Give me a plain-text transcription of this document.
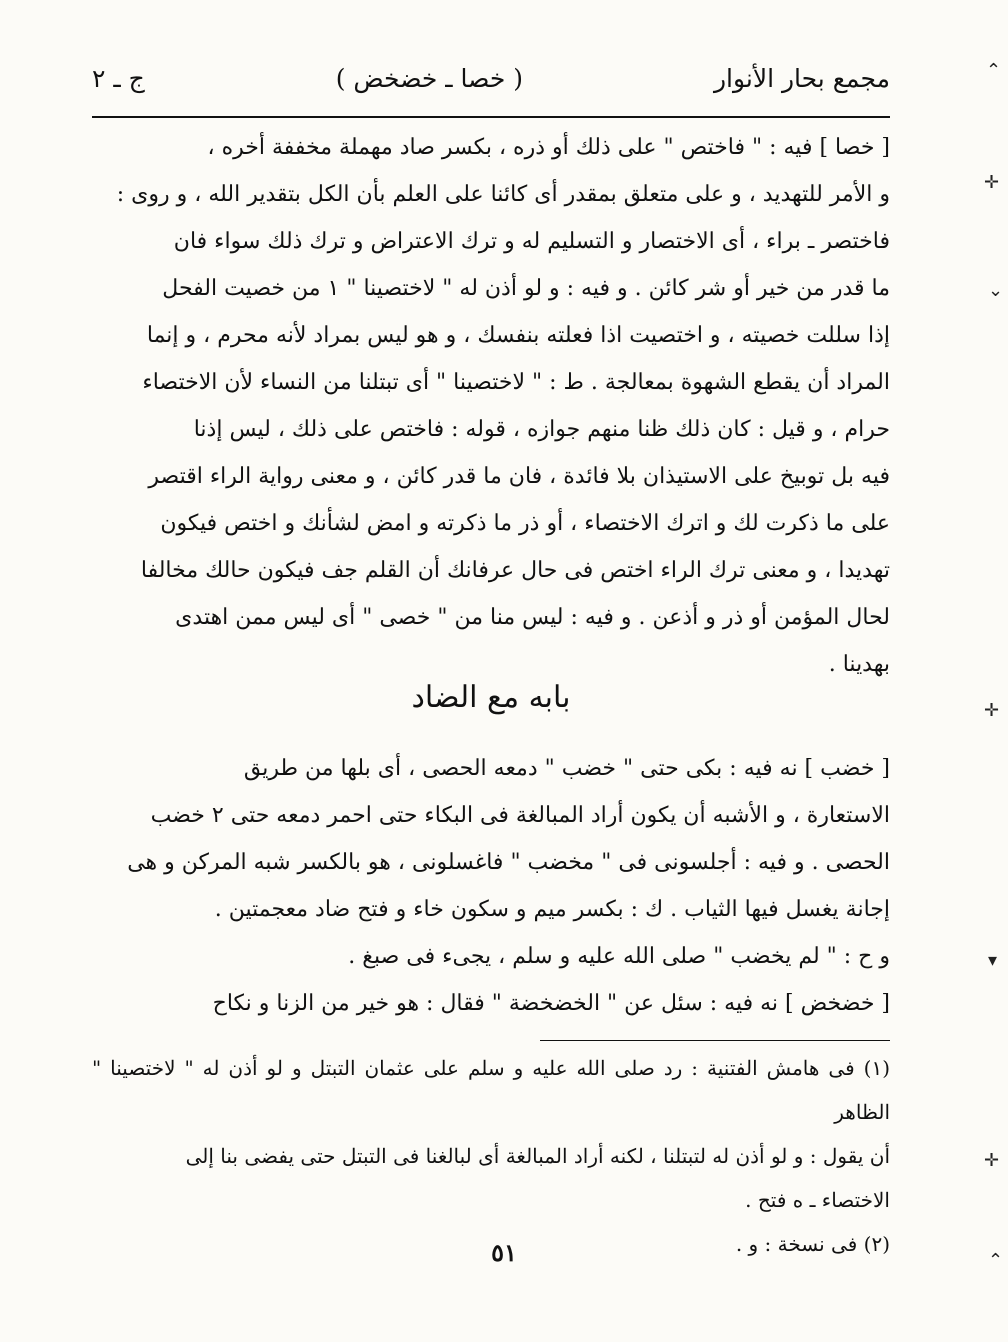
مجمع بحار الأنوار
( خصا ـ خضخض )
ج ـ ٢

[ خصا ] فيه : " فاختص " على ذلك أو ذره ، بكسر صاد مهملة مخففة أخره ،

و الأمر للتهديد ، و على متعلق بمقدر أى كائنا على العلم بأن الكل بتقدير الله ، و روى :

فاختصر ـ براء ، أى الاختصار و التسليم له و ترك الاعتراض و ترك ذلك سواء فان

ما قدر من خير أو شر كائن . و فيه : و لو أذن له " لاختصينا " ١ من خصيت الفحل

إذا سللت خصيته ، و اختصيت اذا فعلته بنفسك ، و هو ليس بمراد لأنه محرم ، و إنما

المراد أن يقطع الشهوة بمعالجة . ط : " لاختصينا " أى تبتلنا من النساء لأن الاختصاء

حرام ، و قيل : كان ذلك ظنا منهم جوازه ، قوله : فاختص على ذلك ، ليس إذنا

فيه بل توبيخ على الاستيذان بلا فائدة ، فان ما قدر كائن ، و معنى رواية الراء اقتصر

على ما ذكرت لك و اترك الاختصاء ، أو ذر ما ذكرته و امض لشأنك و اختص فيكون

تهديدا ، و معنى ترك الراء اختص فى حال عرفانك أن القلم جف فيكون حالك مخالفا

لحال المؤمن أو ذر و أذعن . و فيه : ليس منا من " خصى " أى ليس ممن اهتدى

بهدينا .

بابه مع الضاد

[ خضب ] نه فيه : بكى حتى " خضب " دمعه الحصى ، أى بلها من طريق

الاستعارة ، و الأشبه أن يكون أراد المبالغة فى البكاء حتى احمر دمعه حتى ٢ خضب

الحصى . و فيه : أجلسونى فى " مخضب " فاغسلونى ، هو بالكسر شبه المركن و هى

إجانة يغسل فيها الثياب . ك : بكسر ميم و سكون خاء و فتح ضاد معجمتين .

و ح : " لم يخضب " صلى الله عليه و سلم ، يجىء فى صبغ .

[ خضخض ] نه فيه : سئل عن " الخضخضة " فقال : هو خير من الزنا و نكاح

(١) فى هامش الفتنية : رد صلى الله عليه و سلم على عثمان التبتل و لو أذن له " لاختصينا " الظاهر

أن يقول : و لو أذن له لتبتلنا ، لكنه أراد المبالغة أى لبالغنا فى التبتل حتى يفضى بنا إلى

الاختصاء ـ ه فتح .

(٢) فى نسخة : و .

٥١
⌃
✛
⌄
✛
▾
✛
⌃
